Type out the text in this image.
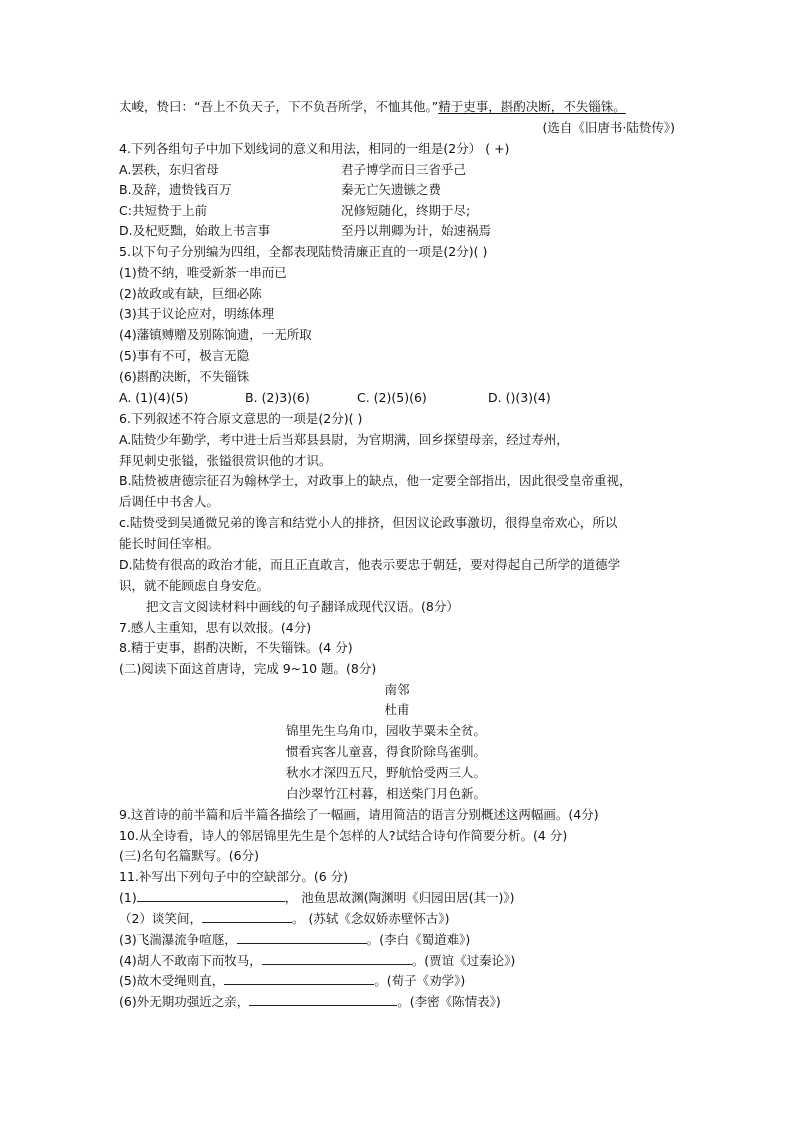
太峻，贽曰：“吾上不负天子，下不负吾所学，不恤其他。”精于吏事，斟酌决断，不失锱铢。
(选自《旧唐书·陆贽传》)
4.下列各组句子中加下划线词的意义和用法，相同的一组是(2分） ( +)
A.罢秩，东归省母	君子博学而日三省乎己
B.及辞，遗贽钱百万	秦无亡矢遗镞之费
C:共短贽于上前	况修短随化，终期于尽;
D.及杞贬黜，始敢上书言事	至丹以荆卿为计，始速祸焉
5.以下句子分别编为四组，全都表现陆贽清廉正直的一项是(2分)( )
(1)贽不纳，唯受新茶一串而已
(2)故政或有缺，巨细必陈
(3)其于议论应对，明练体理
(4)藩镇赙赠及别陈饷遗，一无所取
(5)事有不可，极言无隐
(6)斟酌决断，不失锱铢
A. (1)(4)(5)	B. (2)3)(6)	C. (2)(5)(6)	D. ()(3)(4)
6.下列叙述不符合原文意思的一项是(2分)( )
A.陆贽少年勤学，考中进士后当郑县县尉，为官期满，回乡探望母亲，经过寿州，
拜见刺史张镒，张镒很赏识他的才识。
B.陆贽被唐德宗征召为翰林学士，对政事上的缺点，他一定要全部指出，因此很受皇帝重视，
后调任中书舍人。
c.陆贽受到吴通微兄弟的谗言和结党小人的排挤，但因议论政事激切，很得皇帝欢心，所以
能长时间任宰相。
D.陆贽有很高的政治才能，而且正直敢言，他表示要忠于朝廷，要对得起自己所学的道德学
识，就不能顾虑自身安危。
把文言文阅读材料中画线的句子翻译成现代汉语。(8分）
7.感人主重知，思有以效报。(4分)
8.精于吏事，斟酌决断，不失锱铢。(4 分)
(二)阅读下面这首唐诗，完成 9~10 题。(8分)
南邻
杜甫
锦里先生乌角巾，园收芋粟未全贫。
惯看宾客儿童喜，得食阶除鸟雀驯。
秋水才深四五尺，野航恰受两三人。
白沙翠竹江村暮，相送柴门月色新。
9.这首诗的前半篇和后半篇各描绘了一幅画，请用简洁的语言分别概述这两幅画。(4分)
10.从全诗看，诗人的邻居锦里先生是个怎样的人?试结合诗句作简要分析。(4 分)
(三)名句名篇默写。(6分)
11.补写出下列句子中的空缺部分。(6 分)
(1)	， 池鱼思故渊(陶渊明《归园田居(其一)》)
（2）谈笑间，	。 (苏轼《念奴娇赤壁怀古》)
(3)飞湍瀑流争喧豗，	。(李白《蜀道难》)
(4)胡人不敢南下而牧马，	。(贾谊《过秦论》)
(5)故木受绳则直，	。(荀子《劝学》)
(6)外无期功强近之亲，	。(李密《陈情表》)
